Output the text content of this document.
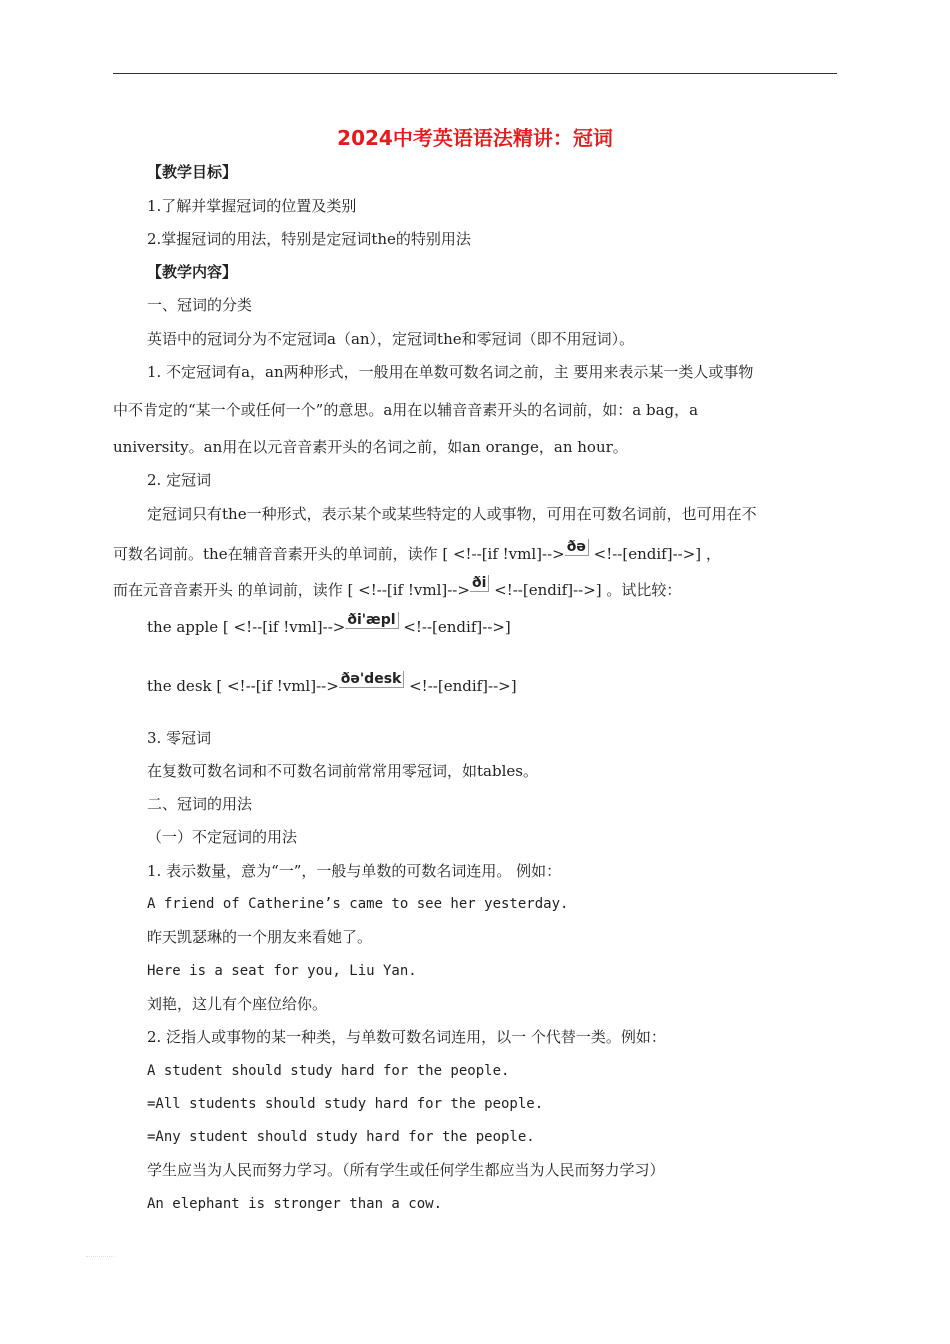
2024中考英语语法精讲：冠词
【教学目标】
1.了解并掌握冠词的位置及类别
2.掌握冠词的用法，特别是定冠词the的特别用法
【教学内容】
一、冠词的分类
英语中的冠词分为不定冠词a（an），定冠词the和零冠词（即不用冠词）。
1. 不定冠词有a，an两种形式，一般用在单数可数名词之前，主 要用来表示某一类人或事物
中不肯定的“某一个或任何一个”的意思。a用在以辅音音素开头的名词前，如：a bag，a
university。an用在以元音音素开头的名词之前，如an orange，an hour。
2. 定冠词
定冠词只有the一种形式，表示某个或某些特定的人或事物，可用在可数名词前，也可用在不
可数名词前。the在辅音音素开头的单词前，读作 [ <!--[if !vml]--> ðə <!--[endif]-->] ，
而在元音音素开头 的单词前，读作 [ <!--[if !vml]--> ði <!--[endif]-->] 。试比较：
the apple [ <!--[if !vml]--> ði'æpl <!--[endif]-->]
the desk [ <!--[if !vml]--> ðə'desk <!--[endif]-->]
3. 零冠词
在复数可数名词和不可数名词前常常用零冠词，如tables。
二、冠词的用法
（一）不定冠词的用法
1. 表示数量，意为“一”，一般与单数的可数名词连用。 例如：
A friend of Catherine’s came to see her yesterday.
昨天凯瑟琳的一个朋友来看她了。
Here is a seat for you, Liu Yan.
刘艳，这儿有个座位给你。
2. 泛指人或事物的某一种类，与单数可数名词连用，以一 个代替一类。例如：
A student should study hard for the people.
=All students should study hard for the people.
=Any student should study hard for the people.
学生应当为人民而努力学习。（所有学生或任何学生都应当为人民而努力学习）
An elephant is stronger than a cow.
